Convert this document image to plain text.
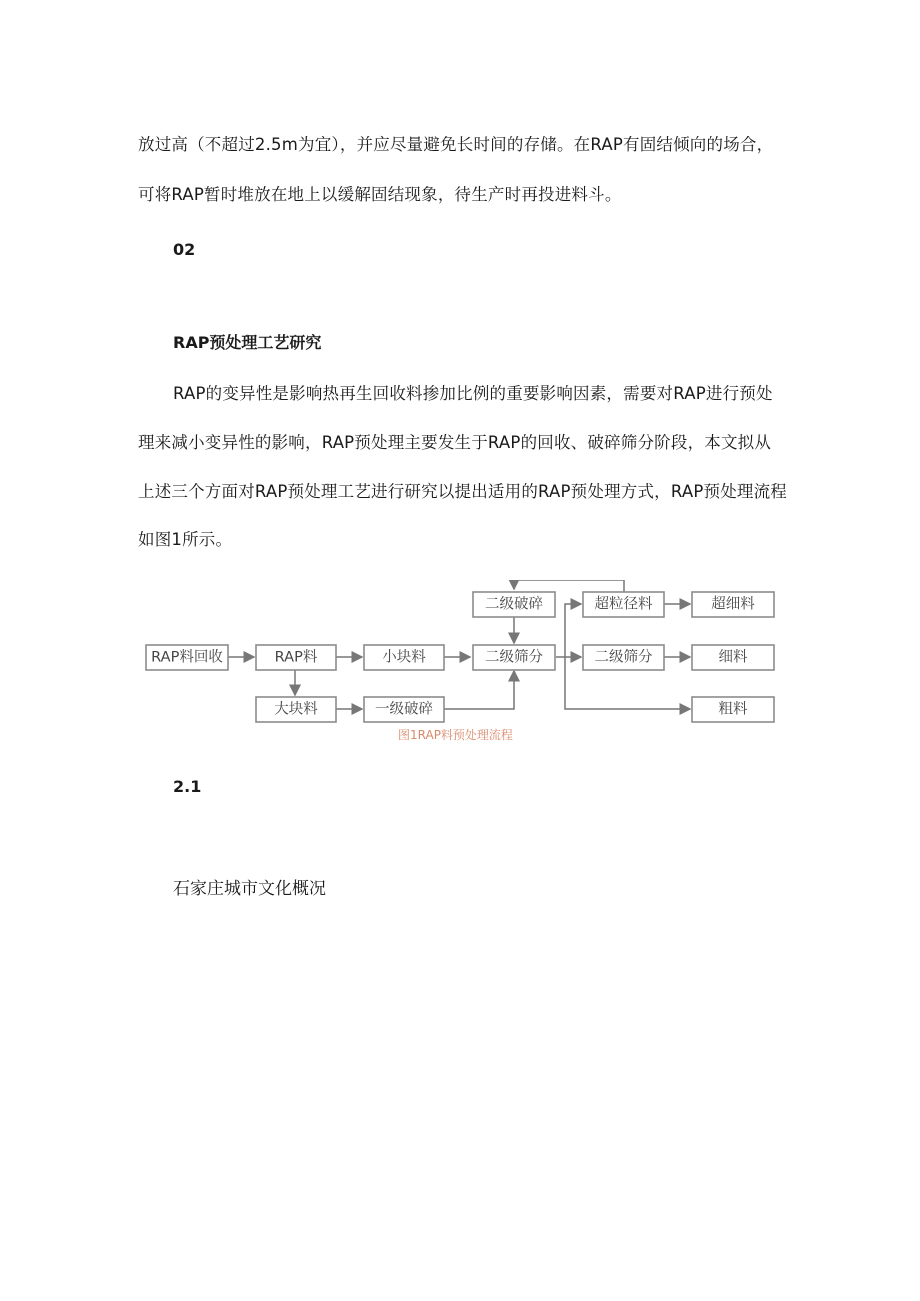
放过高（不超过2.5m为宜），并应尽量避免长时间的存储。在RAP有固结倾向的场合，
可将RAP暂时堆放在地上以缓解固结现象，待生产时再投进料斗。
02
RAP预处理工艺研究
RAP的变异性是影响热再生回收料掺加比例的重要影响因素，需要对RAP进行预处
理来减小变异性的影响，RAP预处理主要发生于RAP的回收、破碎筛分阶段，本文拟从
上述三个方面对RAP预处理工艺进行研究以提出适用的RAP预处理方式，RAP预处理流程
如图1所示。
RAP料回收	RAP料	小块料
大块料	一级破碎
二级破碎
二级筛分
超粒径料
二级筛分
超细料
细料
粗料
图1RAP料预处理流程
2.1
石家庄城市文化概况
